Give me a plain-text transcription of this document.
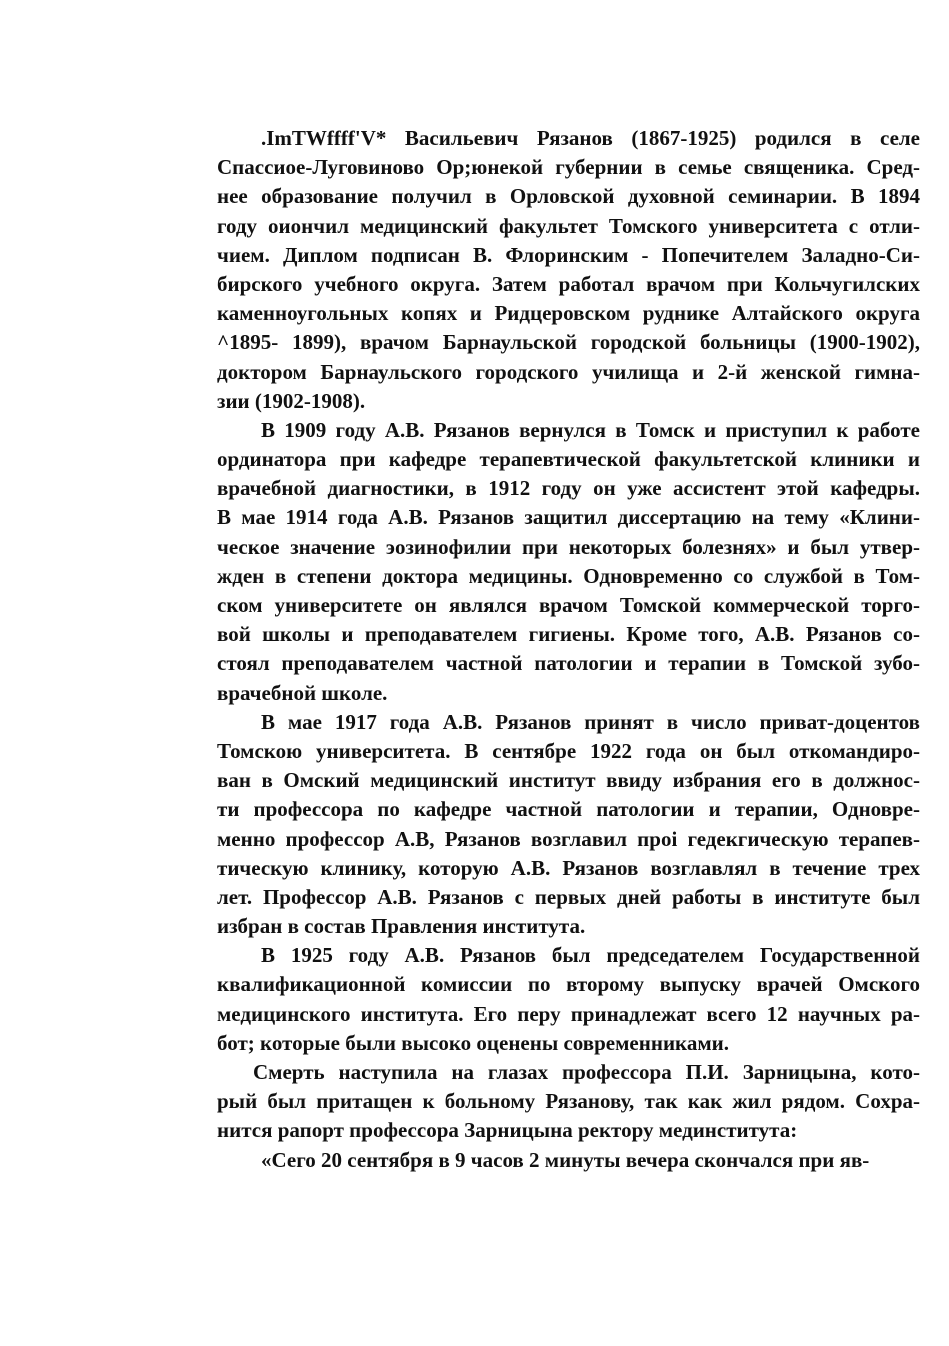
.ImTWffff'V* Васильевич Рязанов (1867-1925) родился в селе
Спассиое-Луговиново Ор;юнекой губернии в семье священика. Сред-
нее образование получил в Орловской духовной семинарии. В 1894
году оиончил медицинский факультет Томского университета с отли-
чием. Диплом подписан В. Флоринским - Попечителем Заладно-Си-
бирского учебного округа. Затем работал врачом при Кольчугилских
каменноугольных копях и Ридцеровском руднике Алтайского округа
^1895- 1899), врачом Барнаульской городской больницы (1900-1902),
доктором Барнаульского городского училища и 2-й женской гимна-
зии (1902-1908).
В 1909 году А.В. Рязанов вернулся в Томск и приступил к работе
ординатора при кафедре терапевтической факультетской клиники и
врачебной диагностики, в 1912 году он уже ассистент этой кафедры.
В мае 1914 года А.В. Рязанов защитил диссертацию на тему «Клини-
ческое значение эозинофилии при некоторых болезнях» и был утвер-
жден в степени доктора медицины. Одновременно со службой в Том-
ском университете он являлся врачом Томской коммерческой торго-
вой школы и преподавателем гигиены. Кроме того, А.В. Рязанов со-
стоял преподавателем частной патологии и терапии в Томской зубо-
врачебной школе.
В мае 1917 года А.В. Рязанов принят в число приват-доцентов
Томскою университета. В сентябре 1922 года он был откомандиро-
ван в Омский медицинский институт ввиду избрания его в должнос-
ти профессора по кафедре частной патологии и терапии, Одновре-
менно профессор А.В, Рязанов возглавил проi гедекгическую терапев-
тическую клинику, которую А.В. Рязанов возглавлял в течение трех
лет. Профессор А.В. Рязанов с первых дней работы в институте был
избран в состав Правления института.
В 1925 году А.В. Рязанов был председателем Государственной
квалификационной комиссии по второму выпуску врачей Омского
медицинского института. Его перу принадлежат всего 12 научных ра-
бот; которые были высоко оценены современниками.
Смерть наступила на глазах профессора П.И. Зарницына, кото-
рый был притащен к больному Рязанову, так как жил рядом. Сохра-
нится рапорт профессора Зарницына ректору мединститута:
«Сего 20 сентября в 9 часов 2 минуты вечера скончался при яв-
